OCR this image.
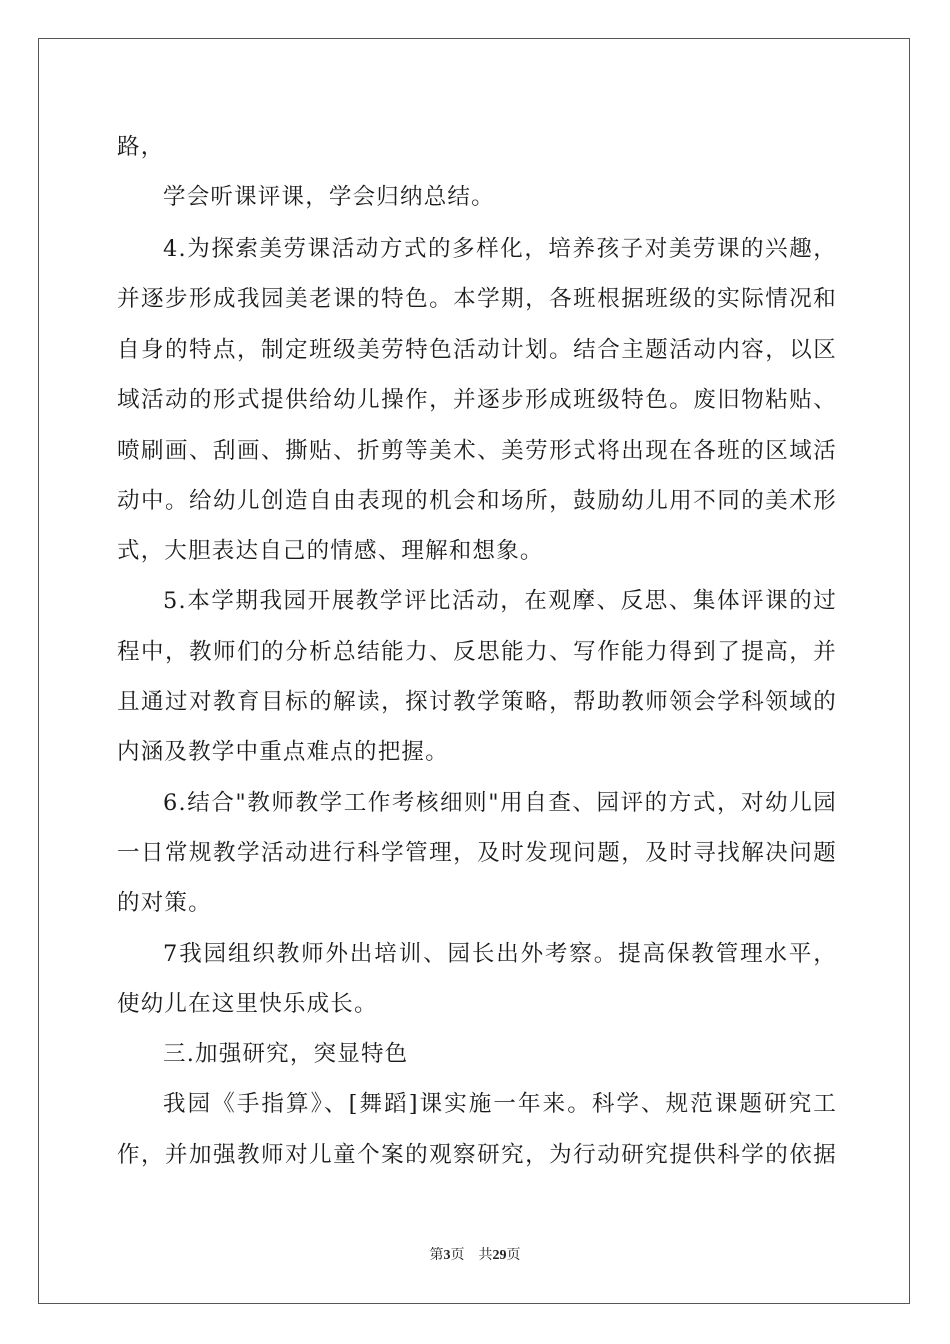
路，
学会听课评课，学会归纳总结。
4.为探索美劳课活动方式的多样化，培养孩子对美劳课的兴趣，
并逐步形成我园美老课的特色。本学期，各班根据班级的实际情况和
自身的特点，制定班级美劳特色活动计划。结合主题活动内容，以区
域活动的形式提供给幼儿操作，并逐步形成班级特色。废旧物粘贴、
喷刷画、刮画、撕贴、折剪等美术、美劳形式将出现在各班的区域活
动中。给幼儿创造自由表现的机会和场所，鼓励幼儿用不同的美术形
式，大胆表达自己的情感、理解和想象。
5.本学期我园开展教学评比活动，在观摩、反思、集体评课的过
程中，教师们的分析总结能力、反思能力、写作能力得到了提高，并
且通过对教育目标的解读，探讨教学策略，帮助教师领会学科领域的
内涵及教学中重点难点的把握。
6.结合"教师教学工作考核细则"用自查、园评的方式，对幼儿园
一日常规教学活动进行科学管理，及时发现问题，及时寻找解决问题
的对策。
7我园组织教师外出培训、园长出外考察。提高保教管理水平，
使幼儿在这里快乐成长。
三.加强研究，突显特色
我园《手指算》、[舞蹈]课实施一年来。科学、规范课题研究工
作，并加强教师对儿童个案的观察研究，为行动研究提供科学的依据
第3页 共29页
